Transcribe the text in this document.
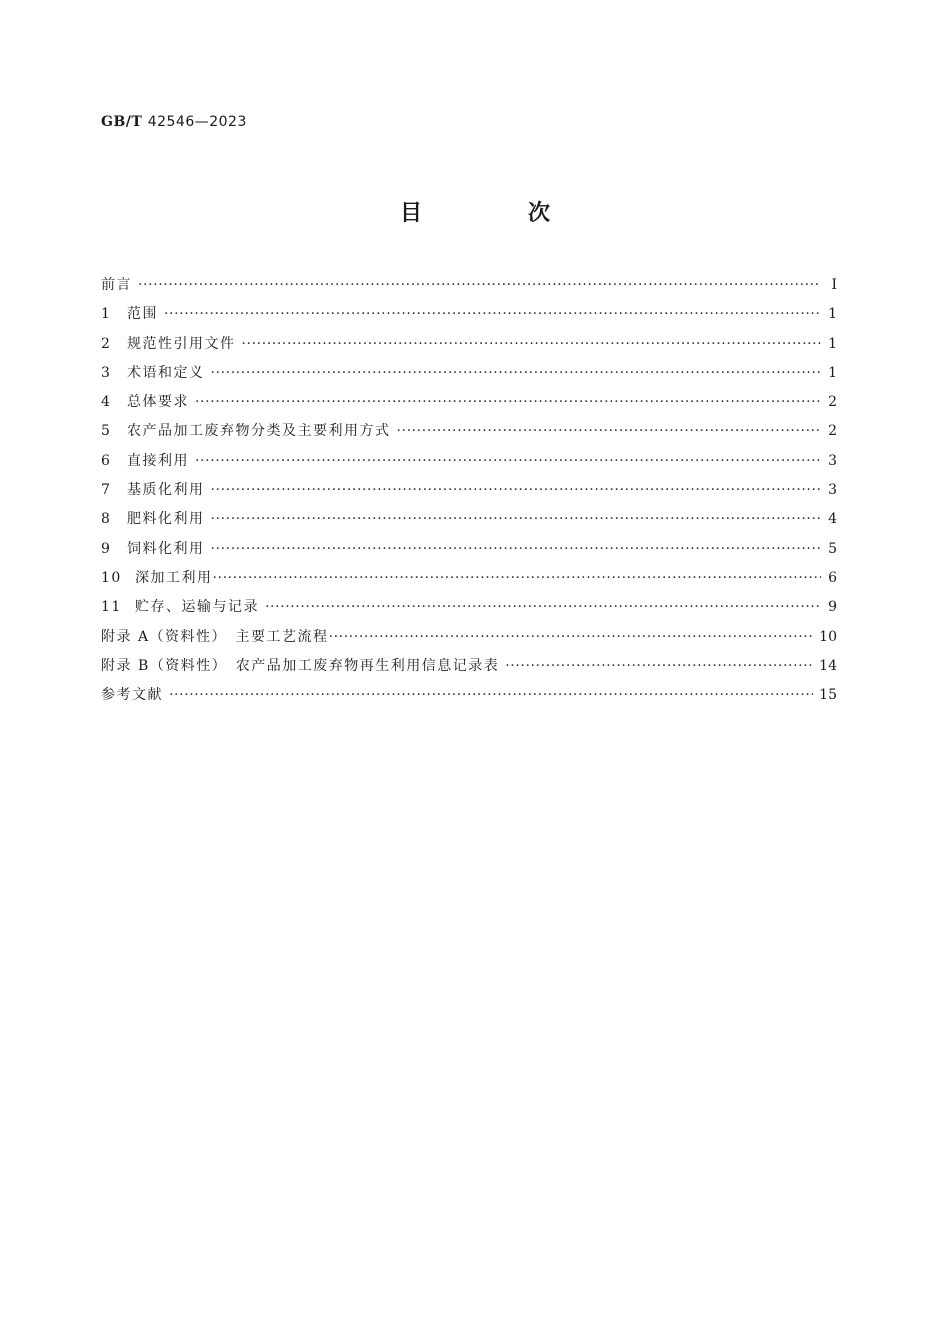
GB/T 42546—2023
目　次
前言 ·····	Ⅰ
1	范围 ·····	1
2	规范性引用文件 ·····	1
3	术语和定义 ·····	1
4	总体要求 ·····	2
5	农产品加工废弃物分类及主要利用方式 ·····	2
6	直接利用 ·····	3
7	基质化利用 ·····	3
8	肥料化利用 ·····	4
9	饲料化利用 ·····	5
10 深加工利用 ·····	6
11 贮存、运输与记录 ·····	9
附录 A（资料性）　主要工艺流程 ·····	10
附录 B（资料性）　农产品加工废弃物再生利用信息记录表 ·····	14
参考文献 ·····	15
